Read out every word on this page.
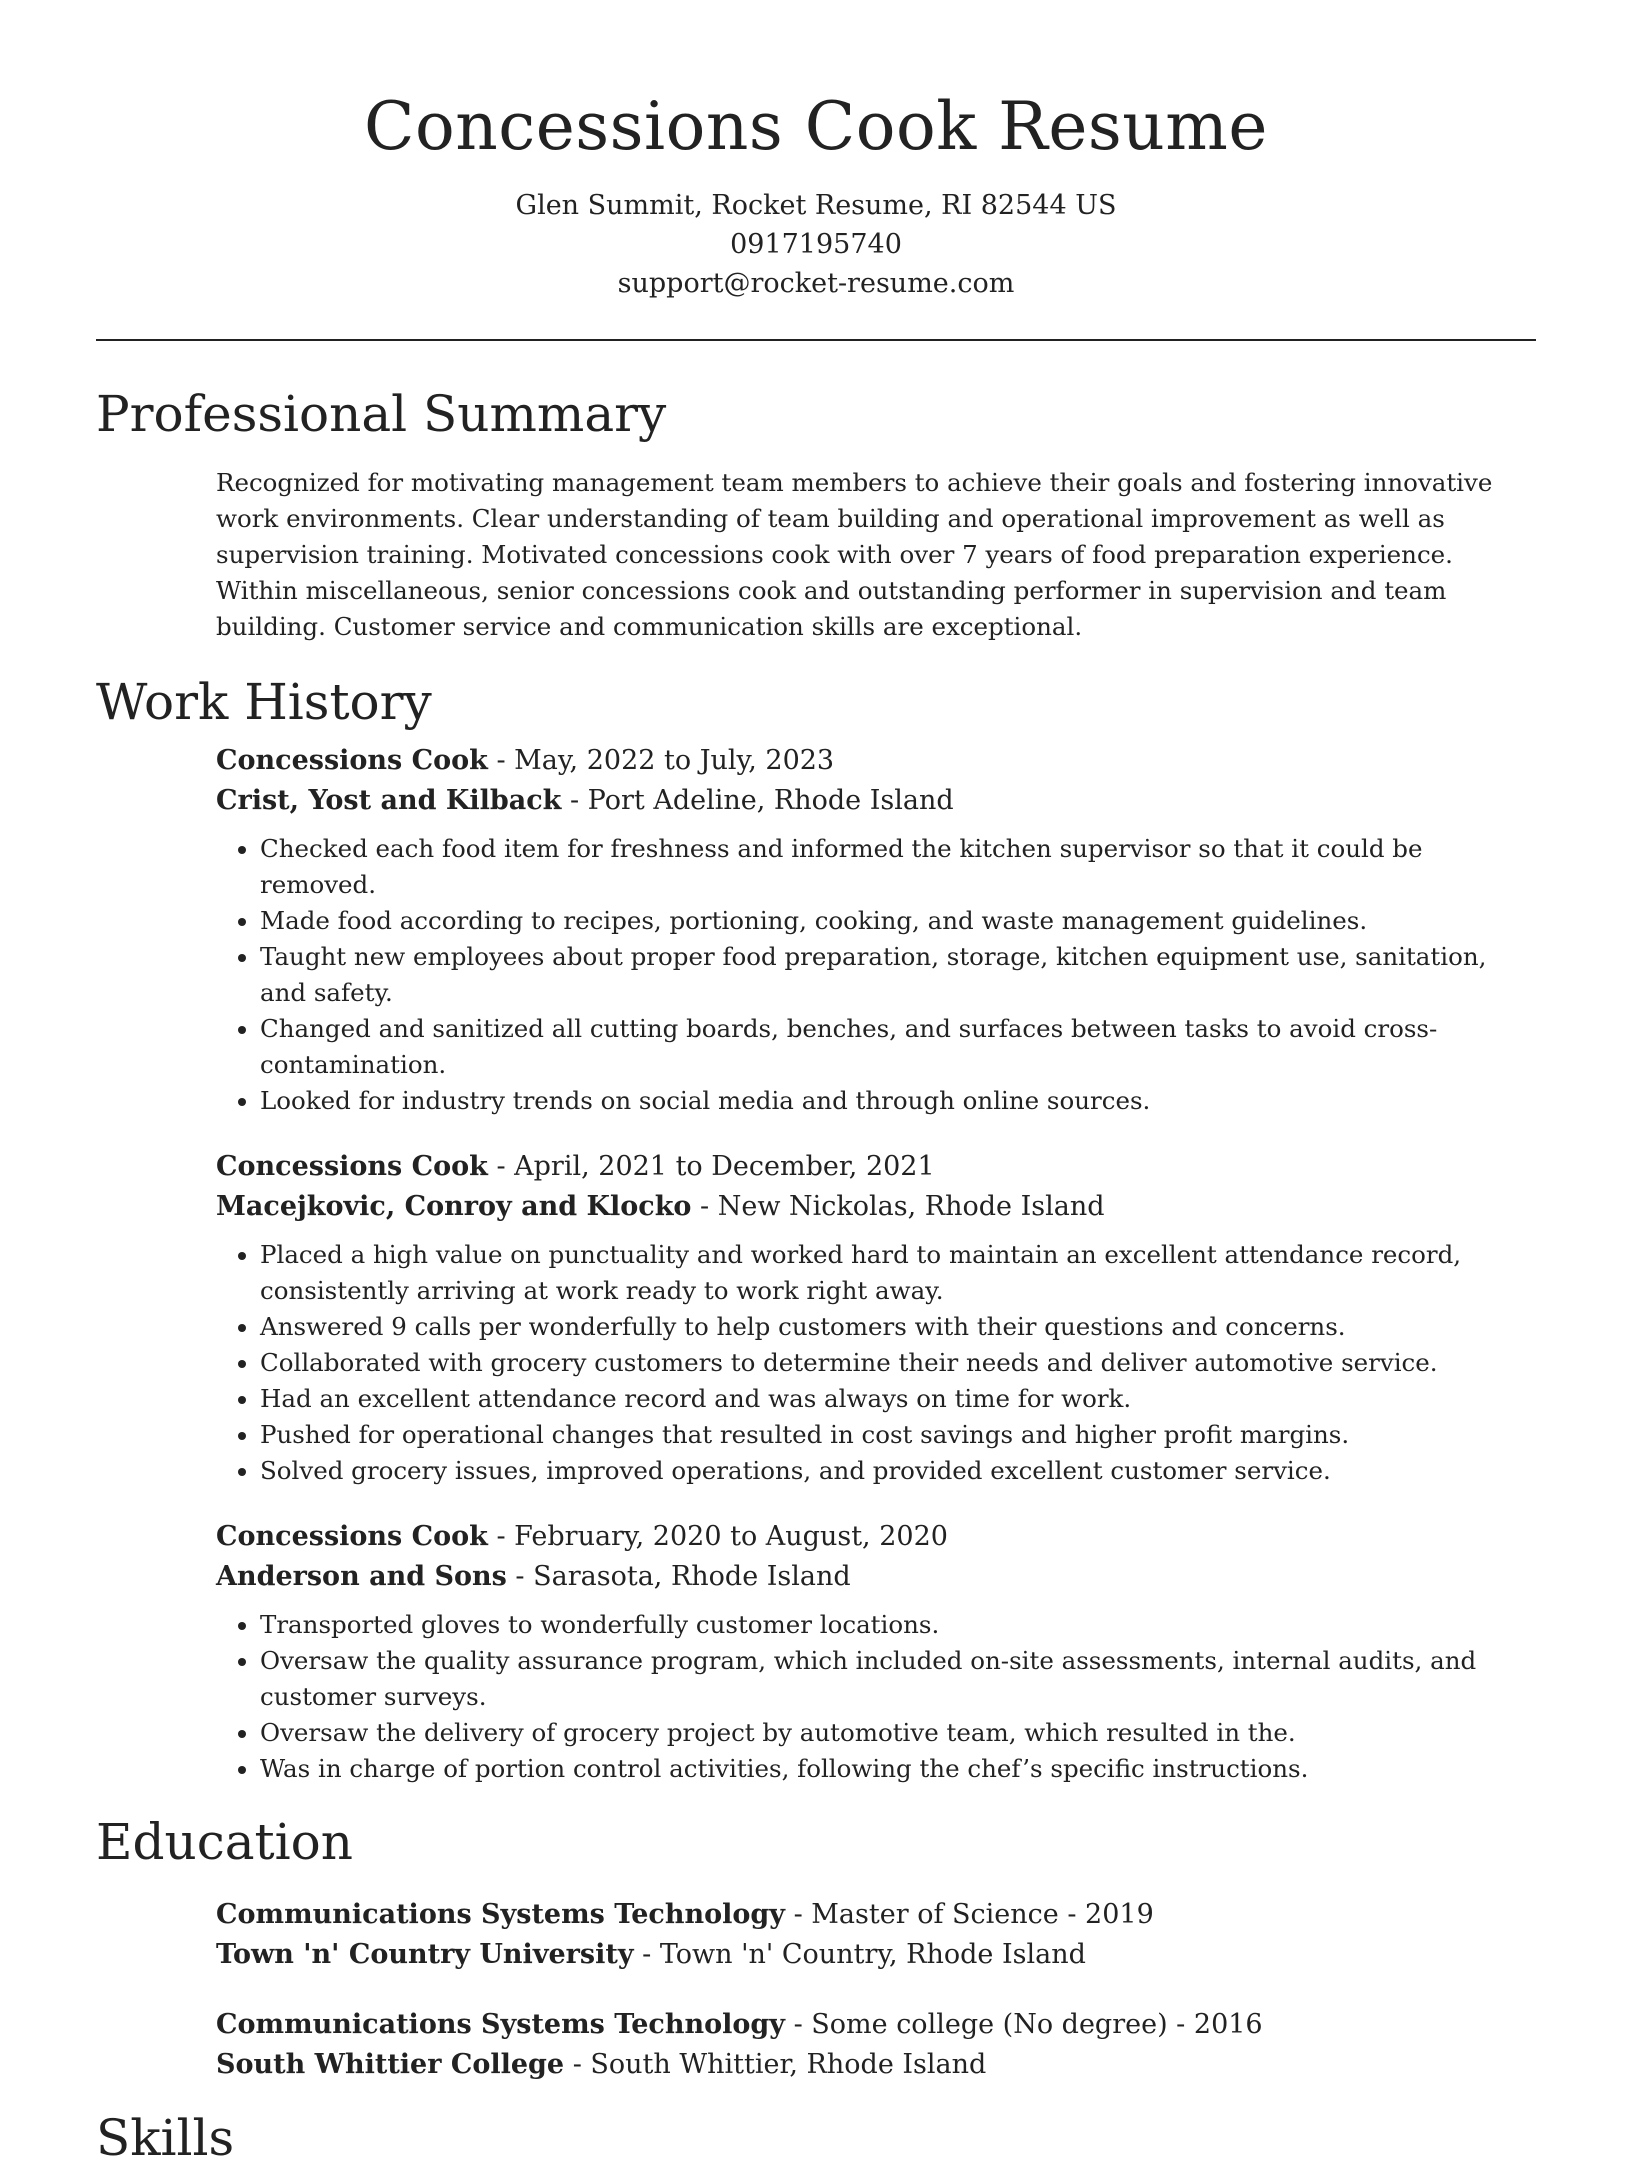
Concessions Cook Resume
Glen Summit, Rocket Resume, RI 82544 US
0917195740
support@rocket-resume.com
Professional Summary

Recognized for motivating management team members to achieve their goals and fostering innovative work environments. Clear understanding of team building and operational improvement as well as supervision training. Motivated concessions cook with over 7 years of food preparation experience. Within miscellaneous, senior concessions cook and outstanding performer in supervision and team building. Customer service and communication skills are exceptional.

Work History

Concessions Cook - May, 2022 to July, 2023

Crist, Yost and Kilback - Port Adeline, Rhode Island

• Checked each food item for freshness and informed the kitchen supervisor so that it could be removed.
• Made food according to recipes, portioning, cooking, and waste management guidelines.
• Taught new employees about proper food preparation, storage, kitchen equipment use, sanitation, and safety.
• Changed and sanitized all cutting boards, benches, and surfaces between tasks to avoid cross-contamination.
• Looked for industry trends on social media and through online sources.

Concessions Cook - April, 2021 to December, 2021

Macejkovic, Conroy and Klocko - New Nickolas, Rhode Island

• Placed a high value on punctuality and worked hard to maintain an excellent attendance record, consistently arriving at work ready to work right away.
• Answered 9 calls per wonderfully to help customers with their questions and concerns.
• Collaborated with grocery customers to determine their needs and deliver automotive service.
• Had an excellent attendance record and was always on time for work.
• Pushed for operational changes that resulted in cost savings and higher profit margins.
• Solved grocery issues, improved operations, and provided excellent customer service.

Concessions Cook - February, 2020 to August, 2020

Anderson and Sons - Sarasota, Rhode Island

• Transported gloves to wonderfully customer locations.
• Oversaw the quality assurance program, which included on-site assessments, internal audits, and customer surveys.
• Oversaw the delivery of grocery project by automotive team, which resulted in the.
• Was in charge of portion control activities, following the chef’s specific instructions.
Education

Communications Systems Technology - Master of Science - 2019

Town 'n' Country University - Town 'n' Country, Rhode Island

Communications Systems Technology - Some college (No degree) - 2016

South Whittier College - South Whittier, Rhode Island

Skills
